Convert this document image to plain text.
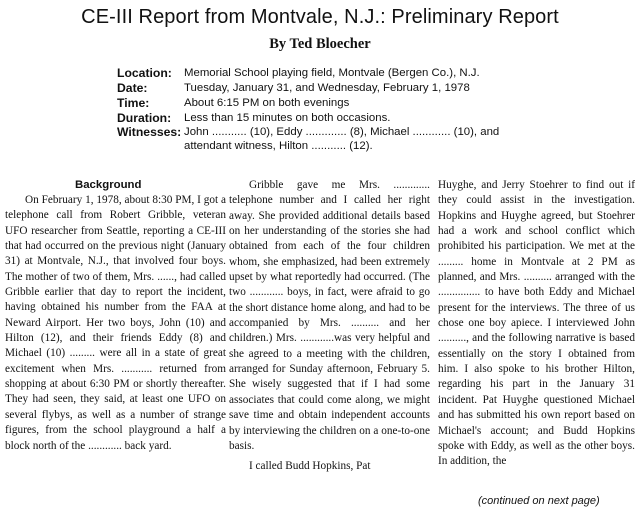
CE-III Report from Montvale, N.J.: Preliminary Report
By Ted Bloecher
Location: Memorial School playing field, Montvale (Bergen Co.), N.J.
Date:	Tuesday, January 31, and Wednesday, February 1, 1978
Time:	About 6:15 PM on both evenings
Duration: Less than 15 minutes on both occasions.
Witnesses: John ........... (10), Eddy ............. (8), Michael ............ (10), and
attendant witness, Hilton ........... (12).
Background

On February 1, 1978, about 8:30 PM, I got a telephone call from Robert Gribble, veteran UFO researcher from Seattle, reporting a CE-III that had occurred on the previous night (January 31) at Montvale, N.J., that involved four boys. The mother of two of them, Mrs. ......, had called Gribble earlier that day to report the incident, having obtained his number from the FAA at Neward Airport. Her two boys, John (10) and Hilton (12), and their friends Eddy (8) and Michael (10) ......... were all in a state of great excitement when Mrs. ........... returned from shopping at about 6:30 PM or shortly thereafter. They had seen, they said, at least one UFO on several flybys, as well as a number of strange figures, from the school playground a half a block north of the ............ back yard.

Gribble gave me Mrs. ............. telephone number and I called her right away. She provided additional details based on her understanding of the stories she had obtained from each of the four children whom, she emphasized, had been extremely upset by what reportedly had occurred. (The two ............ boys, in fact, were afraid to go the short distance home along, and had to be accompanied by Mrs. .......... and her children.) Mrs. ............was very helpful and she agreed to a meeting with the children, arranged for Sunday afternoon, February 5. She wisely suggested that if I had some associates that could come along, we might save time and obtain independent accounts by interviewing the children on a one-to-one basis.

I called Budd Hopkins, Pat

Huyghe, and Jerry Stoehrer to find out if they could assist in the investigation. Hopkins and Huyghe agreed, but Stoehrer had a work and school conflict which prohibited his participation. We met at the ......... home in Montvale at 2 PM as planned, and Mrs. .......... arranged with the ............... to have both Eddy and Michael present for the interviews. The three of us chose one boy apiece. I interviewed John .........., and the following narrative is based essentially on the story I obtained from him. I also spoke to his brother Hilton, regarding his part in the January 31 incident. Pat Huyghe questioned Michael and has submitted his own report based on Michael's account; and Budd Hopkins spoke with Eddy, as well as the other boys. In addition, the

(continued on next page)
